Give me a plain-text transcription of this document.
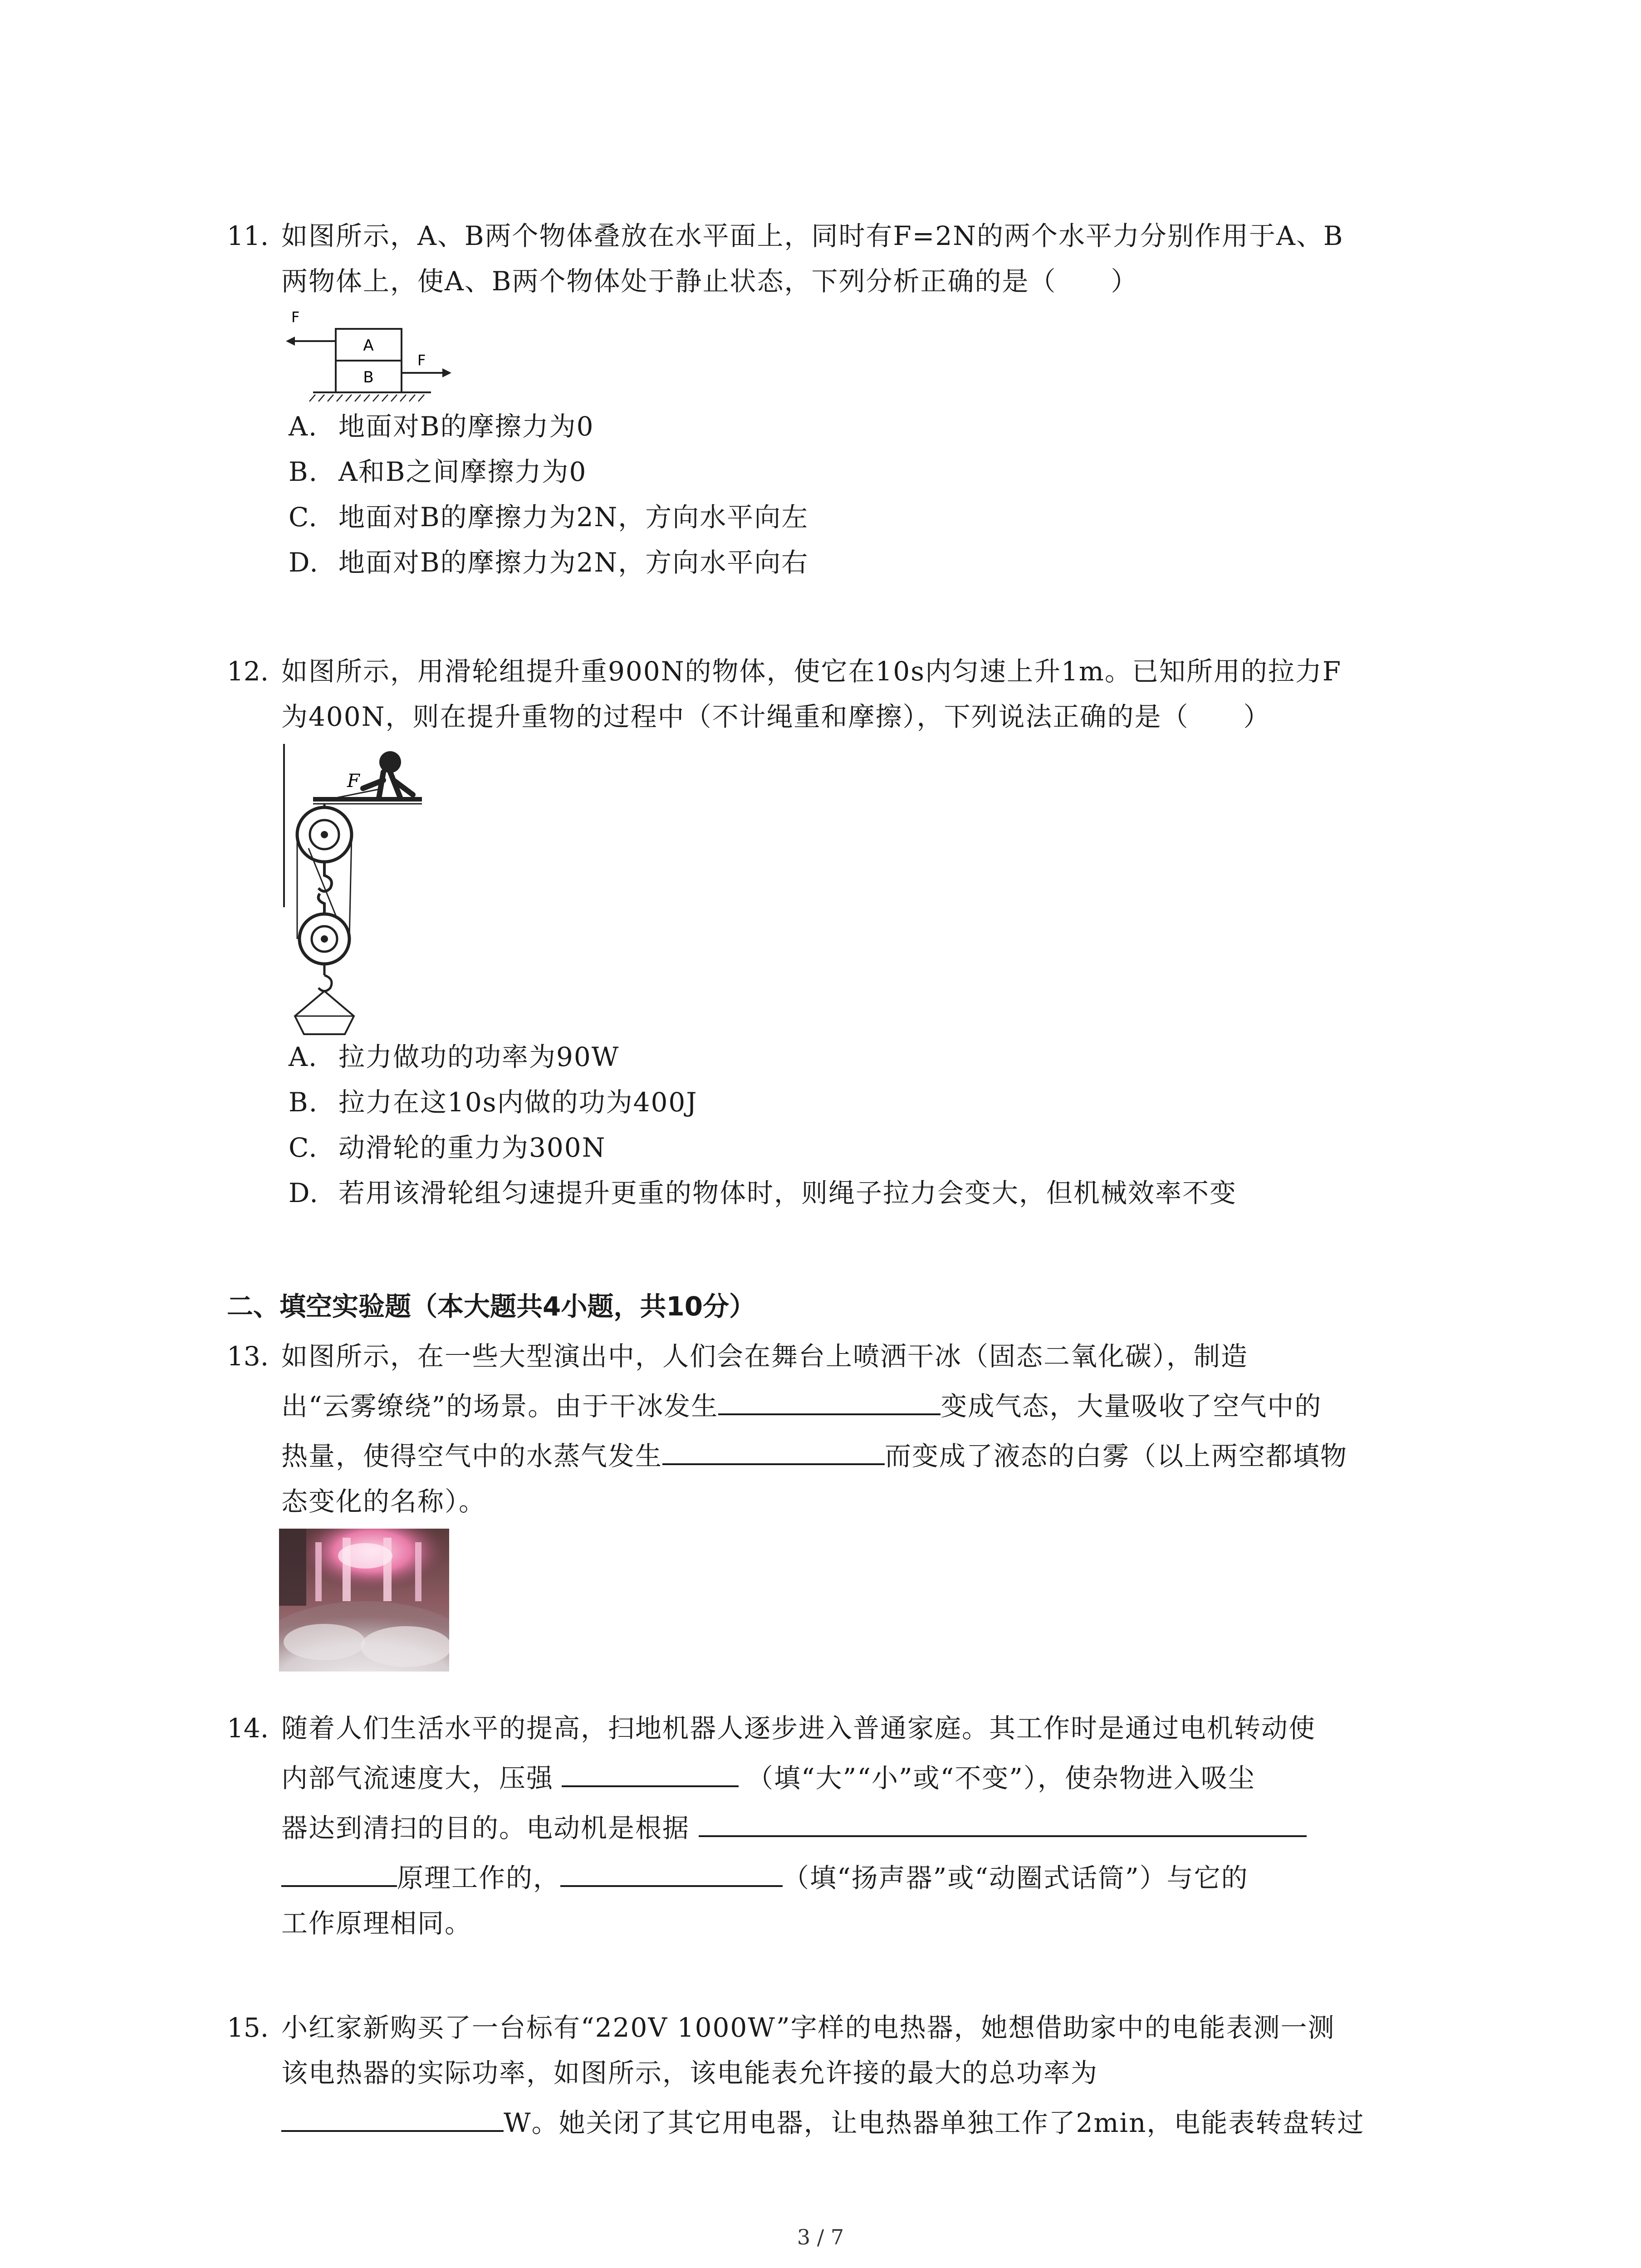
11. 如图所示，A、B两个物体叠放在水平面上，同时有F=2N的两个水平力分别作用于A、B
两物体上，使A、B两个物体处于静止状态，下列分析正确的是（　　）
A
B
F
F
A. 地面对B的摩擦力为0
B. A和B之间摩擦力为0
C. 地面对B的摩擦力为2N，方向水平向左
D. 地面对B的摩擦力为2N，方向水平向右
12. 如图所示，用滑轮组提升重900N的物体，使它在10s内匀速上升1m。已知所用的拉力F
为400N，则在提升重物的过程中（不计绳重和摩擦），下列说法正确的是（　　）
F
A. 拉力做功的功率为90W
B. 拉力在这10s内做的功为400J
C. 动滑轮的重力为300N
D. 若用该滑轮组匀速提升更重的物体时，则绳子拉力会变大，但机械效率不变
二、填空实验题（本大题共4小题，共10分）
13. 如图所示，在一些大型演出中，人们会在舞台上喷洒干冰（固态二氧化碳），制造
出“云雾缭绕”的场景。由于干冰发生	变成气态，大量吸收了空气中的
热量，使得空气中的水蒸气发生	而变成了液态的白雾（以上两空都填物
态变化的名称）。
14. 随着人们生活水平的提高，扫地机器人逐步进入普通家庭。其工作时是通过电机转动使
内部气流速度大，压强	（填“大”“小”或“不变”），使杂物进入吸尘
器达到清扫的目的。电动机是根据
原理工作的，	（填“扬声器”或“动圈式话筒”）与它的
工作原理相同。
15. 小红家新购买了一台标有“220V 1000W”字样的电热器，她想借助家中的电能表测一测
该电热器的实际功率，如图所示，该电能表允许接的最大的总功率为
W。她关闭了其它用电器，让电热器单独工作了2min，电能表转盘转过
3 / 7
